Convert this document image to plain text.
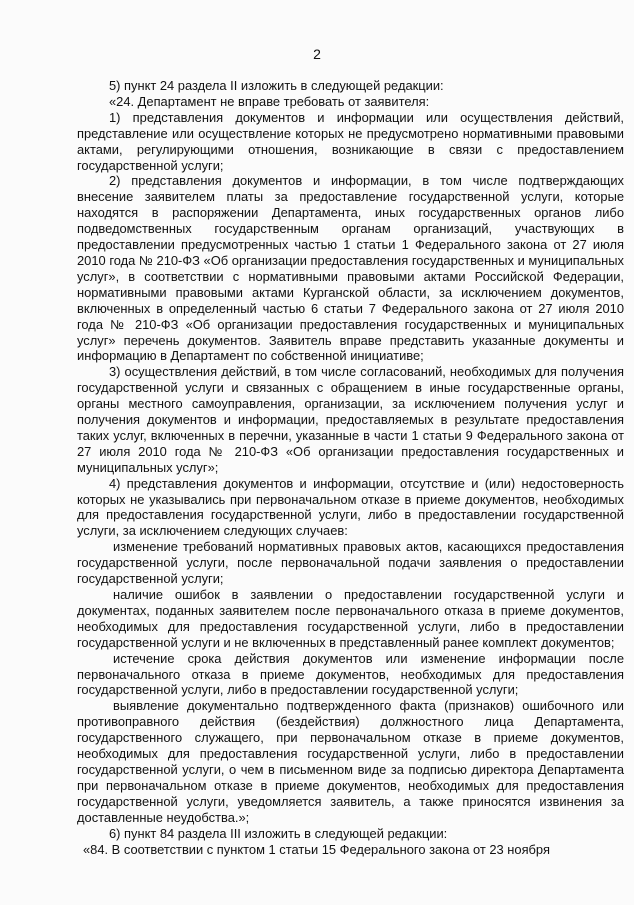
2

5) пункт 24 раздела II изложить в следующей редакции:

«24. Департамент не вправе требовать от заявителя:

1) представления документов и информации или осуществления действий, представление или осуществление которых не предусмотрено нормативными правовыми актами, регулирующими отношения, возникающие в связи с предоставлением государственной услуги;

2) представления документов и информации, в том числе подтверждающих внесение заявителем платы за предоставление государственной услуги, которые находятся в распоряжении Департамента, иных государственных органов либо подведомственных государственным органам организаций, участвующих в предоставлении предусмотренных частью 1 статьи 1 Федерального закона от 27 июля 2010 года № 210-ФЗ «Об организации предоставления государственных и муниципальных услуг», в соответствии с нормативными правовыми актами Российской Федерации, нормативными правовыми актами Курганской области, за исключением документов, включенных в определенный частью 6 статьи 7 Федерального закона от 27 июля 2010 года № 210-ФЗ «Об организации предоставления государственных и муниципальных услуг» перечень документов. Заявитель вправе представить указанные документы и информацию в Департамент по собственной инициативе;

3) осуществления действий, в том числе согласований, необходимых для получения государственной услуги и связанных с обращением в иные государственные органы, органы местного самоуправления, организации, за исключением получения услуг и получения документов и информации, предоставляемых в результате предоставления таких услуг, включенных в перечни, указанные в части 1 статьи 9 Федерального закона от 27 июля 2010 года № 210-ФЗ «Об организации предоставления государственных и муниципальных услуг»;

4) представления документов и информации, отсутствие и (или) недостоверность которых не указывались при первоначальном отказе в приеме документов, необходимых для предоставления государственной услуги, либо в предоставлении государственной услуги, за исключением следующих случаев:

изменение требований нормативных правовых актов, касающихся предоставления государственной услуги, после первоначальной подачи заявления о предоставлении государственной услуги;

наличие ошибок в заявлении о предоставлении государственной услуги и документах, поданных заявителем после первоначального отказа в приеме документов, необходимых для предоставления государственной услуги, либо в предоставлении государственной услуги и не включенных в представленный ранее комплект документов;

истечение срока действия документов или изменение информации после первоначального отказа в приеме документов, необходимых для предоставления государственной услуги, либо в предоставлении государственной услуги;

выявление документально подтвержденного факта (признаков) ошибочного или противоправного действия (бездействия) должностного лица Департамента, государственного служащего, при первоначальном отказе в приеме документов, необходимых для предоставления государственной услуги, либо в предоставлении государственной услуги, о чем в письменном виде за подписью директора Департамента при первоначальном отказе в приеме документов, необходимых для предоставления государственной услуги, уведомляется заявитель, а также приносятся извинения за доставленные неудобства.»;

6) пункт 84 раздела III изложить в следующей редакции:

«84. В соответствии с пунктом 1 статьи 15 Федерального закона от 23 ноября
